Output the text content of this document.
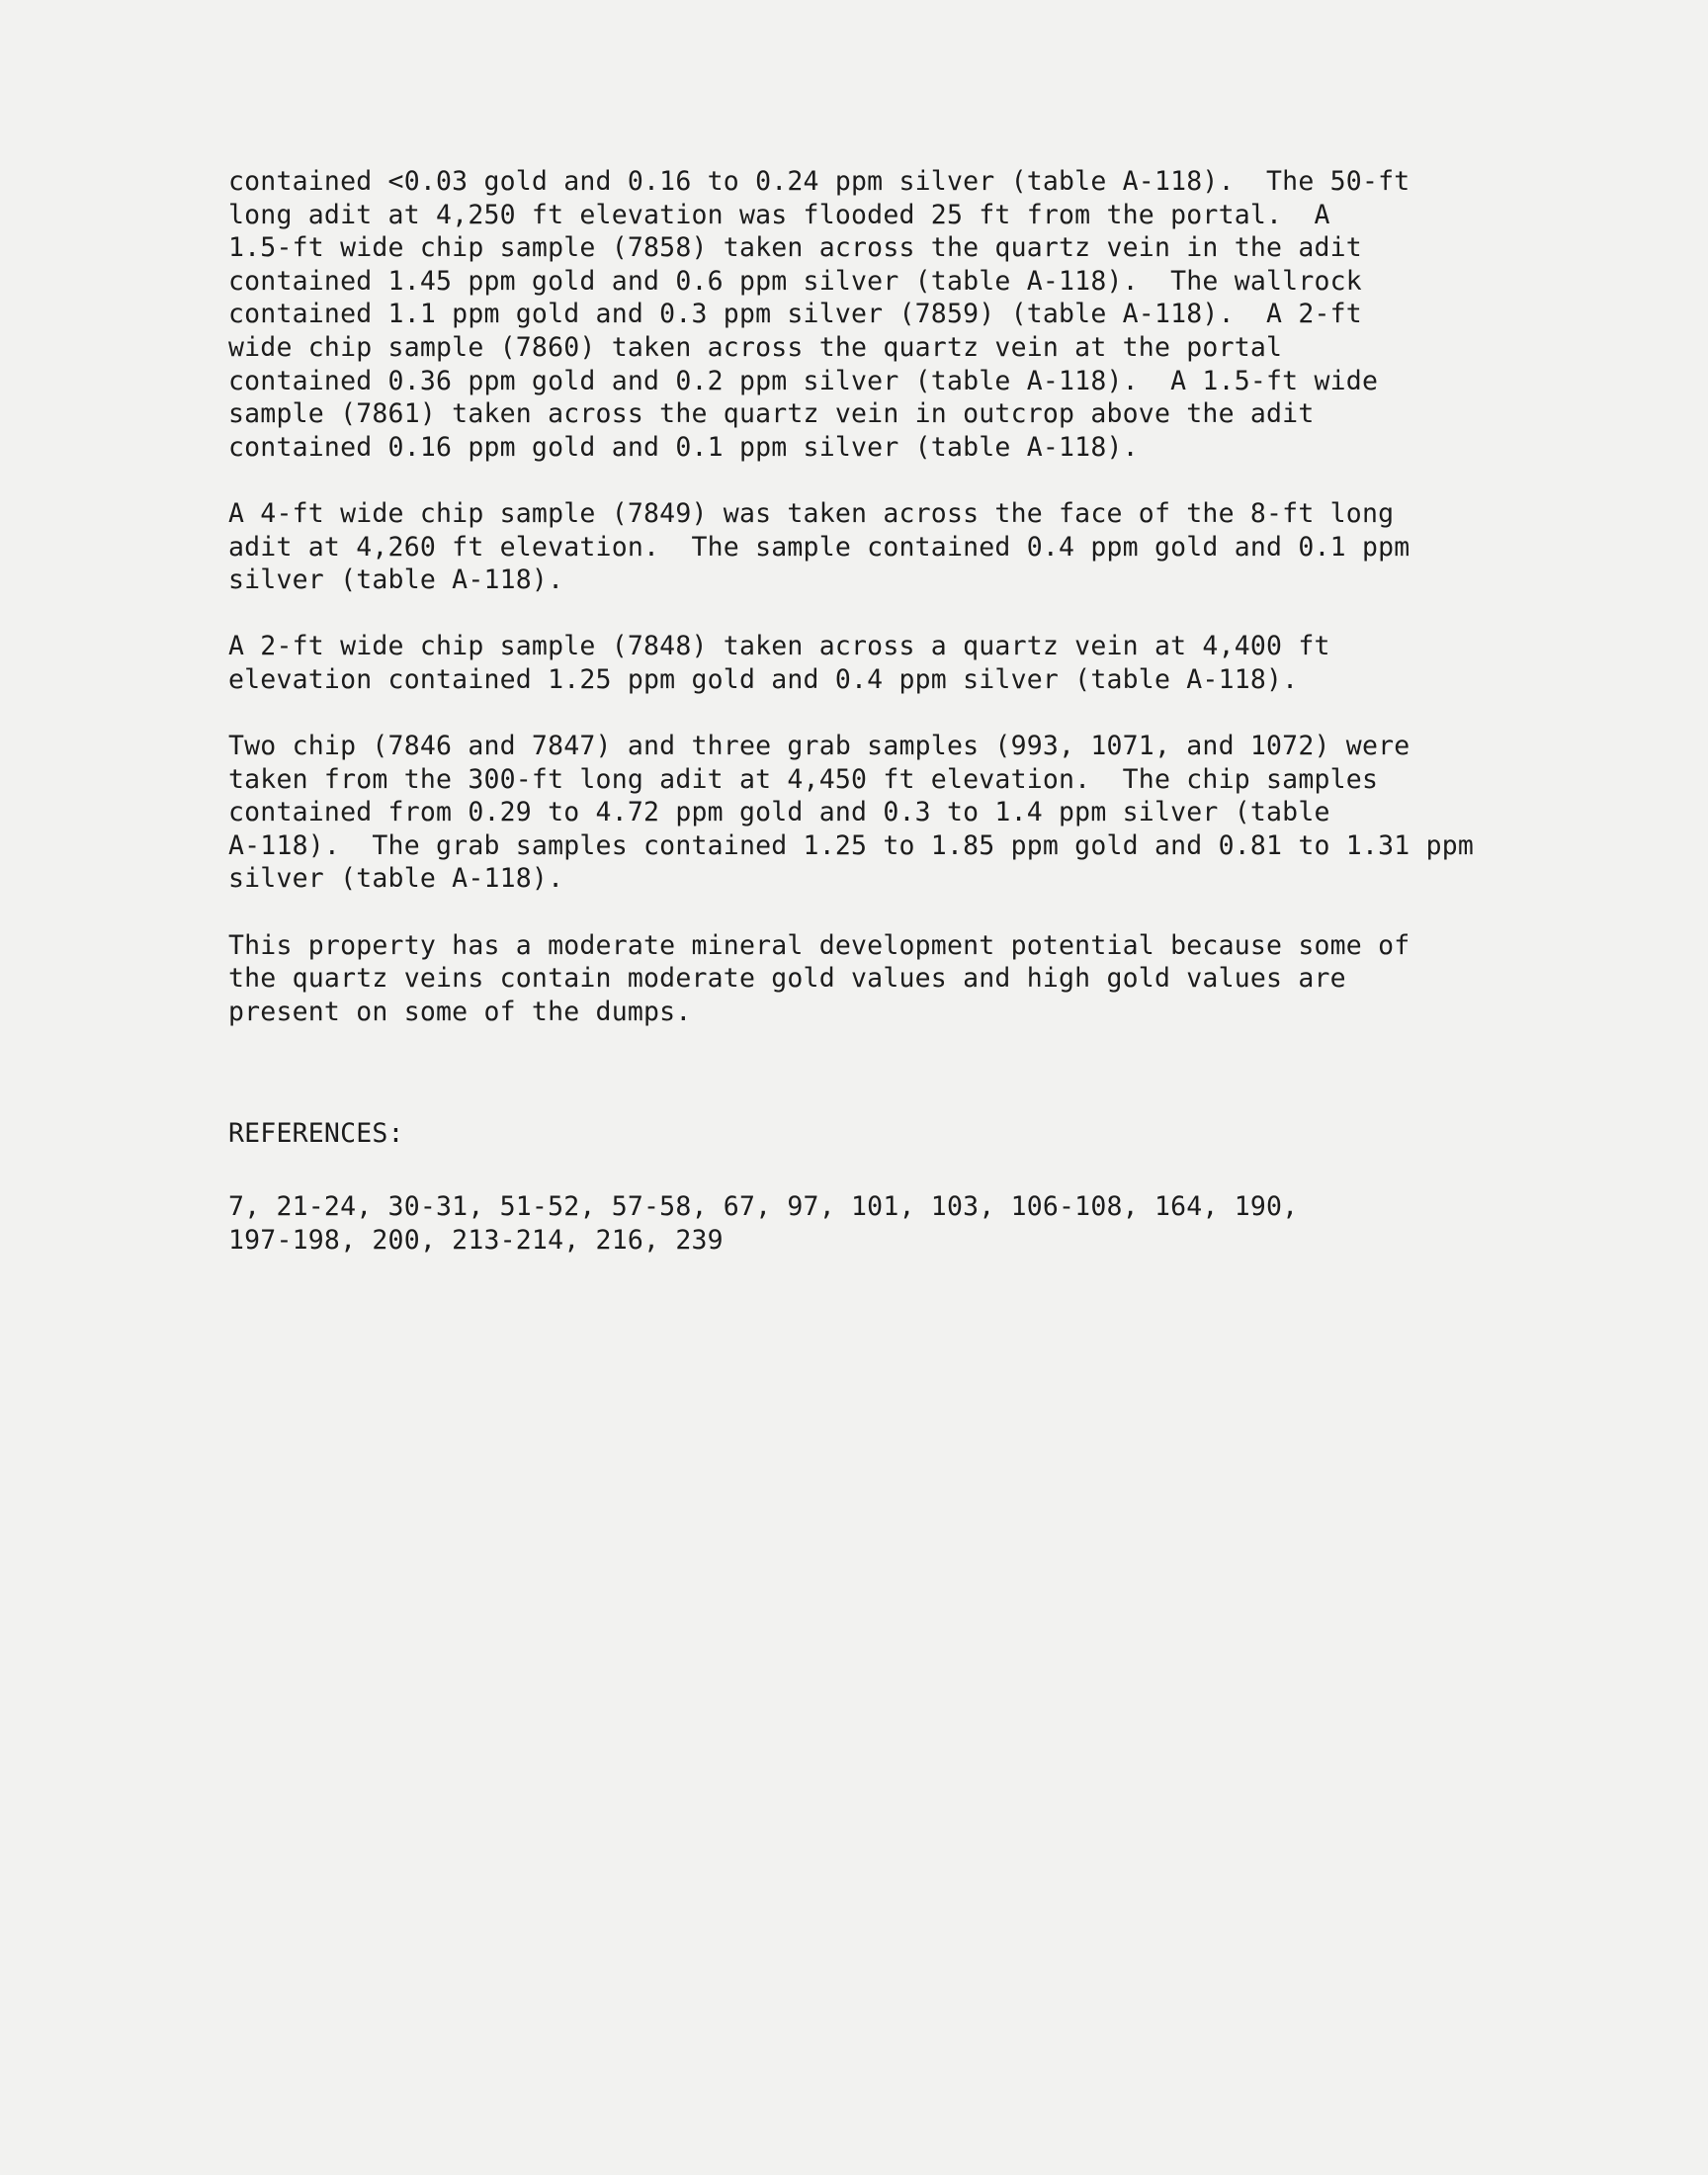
contained <0.03 gold and 0.16 to 0.24 ppm silver (table A-118).  The 50-ft
long adit at 4,250 ft elevation was flooded 25 ft from the portal.  A
1.5-ft wide chip sample (7858) taken across the quartz vein in the adit
contained 1.45 ppm gold and 0.6 ppm silver (table A-118).  The wallrock
contained 1.1 ppm gold and 0.3 ppm silver (7859) (table A-118).  A 2-ft
wide chip sample (7860) taken across the quartz vein at the portal
contained 0.36 ppm gold and 0.2 ppm silver (table A-118).  A 1.5-ft wide
sample (7861) taken across the quartz vein in outcrop above the adit
contained 0.16 ppm gold and 0.1 ppm silver (table A-118).
A 4-ft wide chip sample (7849) was taken across the face of the 8-ft long
adit at 4,260 ft elevation.  The sample contained 0.4 ppm gold and 0.1 ppm
silver (table A-118).
A 2-ft wide chip sample (7848) taken across a quartz vein at 4,400 ft
elevation contained 1.25 ppm gold and 0.4 ppm silver (table A-118).
Two chip (7846 and 7847) and three grab samples (993, 1071, and 1072) were
taken from the 300-ft long adit at 4,450 ft elevation.  The chip samples
contained from 0.29 to 4.72 ppm gold and 0.3 to 1.4 ppm silver (table
A-118).  The grab samples contained 1.25 to 1.85 ppm gold and 0.81 to 1.31 ppm
silver (table A-118).
This property has a moderate mineral development potential because some of
the quartz veins contain moderate gold values and high gold values are
present on some of the dumps.
REFERENCES:
7, 21-24, 30-31, 51-52, 57-58, 67, 97, 101, 103, 106-108, 164, 190,
197-198, 200, 213-214, 216, 239
